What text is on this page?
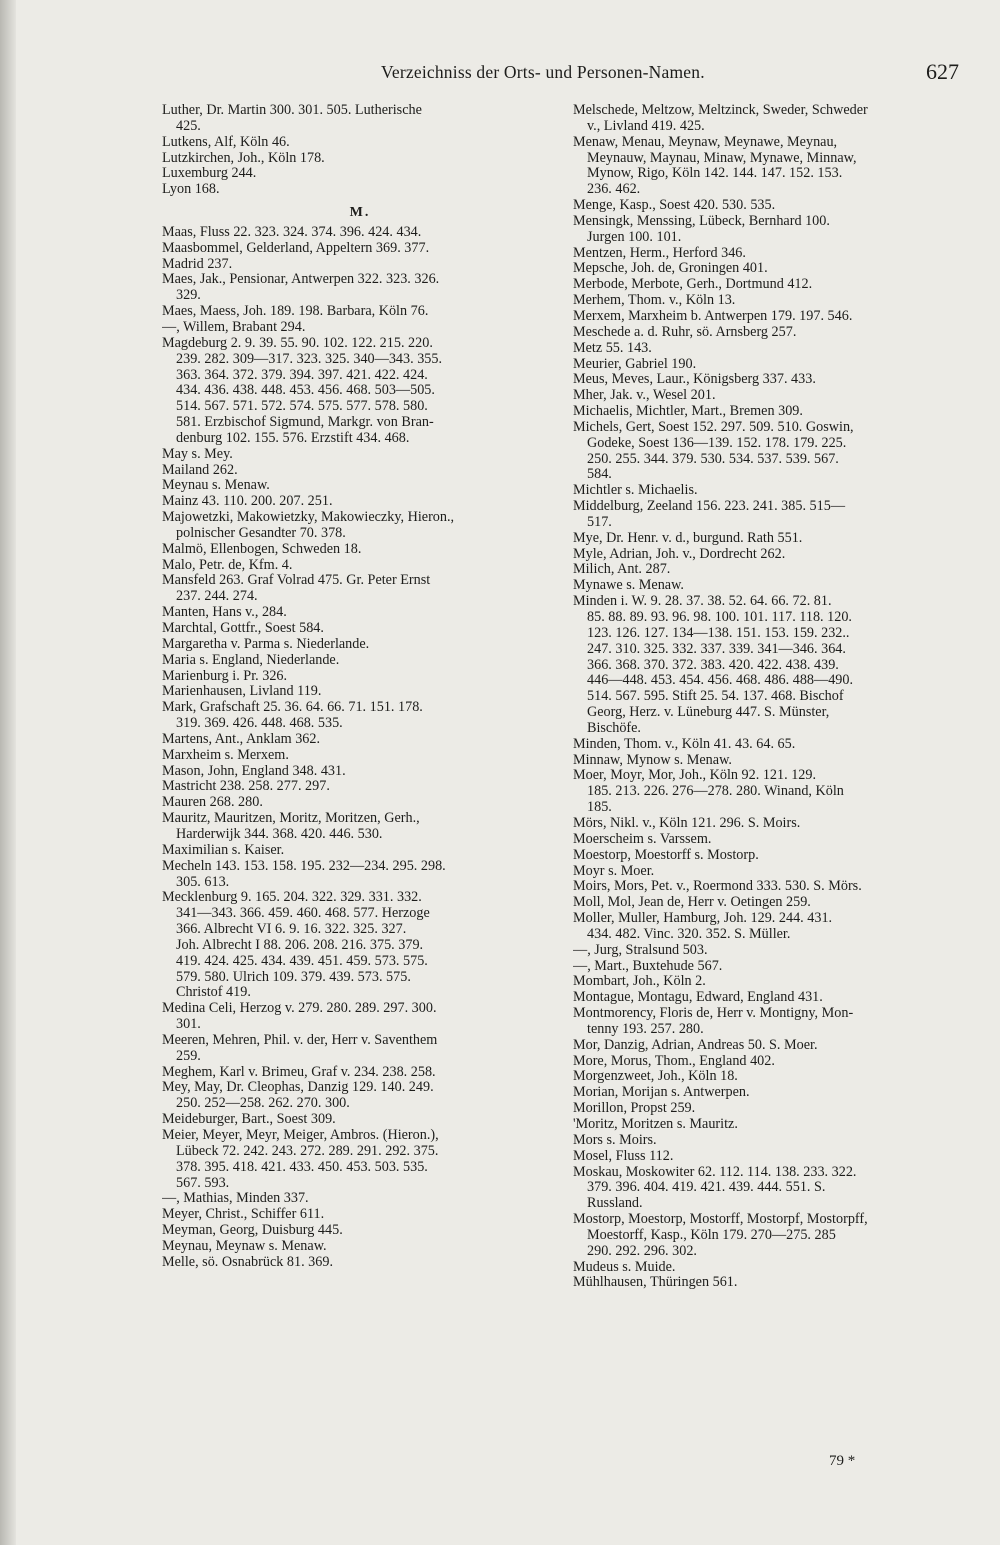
Verzeichniss der Orts- und Personen-Namen.	627
Luther, Dr. Martin 300. 301. 505. Lutherische
425.
Lutkens, Alf, Köln 46.
Lutzkirchen, Joh., Köln 178.
Luxemburg 244.
Lyon 168.
M.
Maas, Fluss 22. 323. 324. 374. 396. 424. 434.
Maasbommel, Gelderland, Appeltern 369. 377.
Madrid 237.
Maes, Jak., Pensionar, Antwerpen 322. 323. 326.
329.
Maes, Maess, Joh. 189. 198. Barbara, Köln 76.
—, Willem, Brabant 294.
Magdeburg 2. 9. 39. 55. 90. 102. 122. 215. 220.
239. 282. 309—317. 323. 325. 340—343. 355.
363. 364. 372. 379. 394. 397. 421. 422. 424.
434. 436. 438. 448. 453. 456. 468. 503—505.
514. 567. 571. 572. 574. 575. 577. 578. 580.
581. Erzbischof Sigmund, Markgr. von Bran-
denburg 102. 155. 576. Erzstift 434. 468.
May s. Mey.
Mailand 262.
Meynau s. Menaw.
Mainz 43. 110. 200. 207. 251.
Majowetzki, Makowietzky, Makowieczky, Hieron.,
polnischer Gesandter 70. 378.
Malmö, Ellenbogen, Schweden 18.
Malo, Petr. de, Kfm. 4.
Mansfeld 263. Graf Volrad 475. Gr. Peter Ernst
237. 244. 274.
Manten, Hans v., 284.
Marchtal, Gottfr., Soest 584.
Margaretha v. Parma s. Niederlande.
Maria s. England, Niederlande.
Marienburg i. Pr. 326.
Marienhausen, Livland 119.
Mark, Grafschaft 25. 36. 64. 66. 71. 151. 178.
319. 369. 426. 448. 468. 535.
Martens, Ant., Anklam 362.
Marxheim s. Merxem.
Mason, John, England 348. 431.
Mastricht 238. 258. 277. 297.
Mauren 268. 280.
Mauritz, Mauritzen, Moritz, Moritzen, Gerh.,
Harderwijk 344. 368. 420. 446. 530.
Maximilian s. Kaiser.
Mecheln 143. 153. 158. 195. 232—234. 295. 298.
305. 613.
Mecklenburg 9. 165. 204. 322. 329. 331. 332.
341—343. 366. 459. 460. 468. 577. Herzoge
366. Albrecht VI 6. 9. 16. 322. 325. 327.
Joh. Albrecht I 88. 206. 208. 216. 375. 379.
419. 424. 425. 434. 439. 451. 459. 573. 575.
579. 580. Ulrich 109. 379. 439. 573. 575.
Christof 419.
Medina Celi, Herzog v. 279. 280. 289. 297. 300.
301.
Meeren, Mehren, Phil. v. der, Herr v. Saventhem
259.
Meghem, Karl v. Brimeu, Graf v. 234. 238. 258.
Mey, May, Dr. Cleophas, Danzig 129. 140. 249.
250. 252—258. 262. 270. 300.
Meideburger, Bart., Soest 309.
Meier, Meyer, Meyr, Meiger, Ambros. (Hieron.),
Lübeck 72. 242. 243. 272. 289. 291. 292. 375.
378. 395. 418. 421. 433. 450. 453. 503. 535.
567. 593.
—, Mathias, Minden 337.
Meyer, Christ., Schiffer 611.
Meyman, Georg, Duisburg 445.
Meynau, Meynaw s. Menaw.
Melle, sö. Osnabrück 81. 369.
Melschede, Meltzow, Meltzinck, Sweder, Schweder
v., Livland 419. 425.
Menaw, Menau, Meynaw, Meynawe, Meynau,
Meynauw, Maynau, Minaw, Mynawe, Minnaw,
Mynow, Rigo, Köln 142. 144. 147. 152. 153.
236. 462.
Menge, Kasp., Soest 420. 530. 535.
Mensingk, Menssing, Lübeck, Bernhard 100.
Jurgen 100. 101.
Mentzen, Herm., Herford 346.
Mepsche, Joh. de, Groningen 401.
Merbode, Merbote, Gerh., Dortmund 412.
Merhem, Thom. v., Köln 13.
Merxem, Marxheim b. Antwerpen 179. 197. 546.
Meschede a. d. Ruhr, sö. Arnsberg 257.
Metz 55. 143.
Meurier, Gabriel 190.
Meus, Meves, Laur., Königsberg 337. 433.
Mher, Jak. v., Wesel 201.
Michaelis, Michtler, Mart., Bremen 309.
Michels, Gert, Soest 152. 297. 509. 510. Goswin,
Godeke, Soest 136—139. 152. 178. 179. 225.
250. 255. 344. 379. 530. 534. 537. 539. 567.
584.
Michtler s. Michaelis.
Middelburg, Zeeland 156. 223. 241. 385. 515—
517.
Mye, Dr. Henr. v. d., burgund. Rath 551.
Myle, Adrian, Joh. v., Dordrecht 262.
Milich, Ant. 287.
Mynawe s. Menaw.
Minden i. W. 9. 28. 37. 38. 52. 64. 66. 72. 81.
85. 88. 89. 93. 96. 98. 100. 101. 117. 118. 120.
123. 126. 127. 134—138. 151. 153. 159. 232..
247. 310. 325. 332. 337. 339. 341—346. 364.
366. 368. 370. 372. 383. 420. 422. 438. 439.
446—448. 453. 454. 456. 468. 486. 488—490.
514. 567. 595. Stift 25. 54. 137. 468. Bischof
Georg, Herz. v. Lüneburg 447. S. Münster,
Bischöfe.
Minden, Thom. v., Köln 41. 43. 64. 65.
Minnaw, Mynow s. Menaw.
Moer, Moyr, Mor, Joh., Köln 92. 121. 129.
185. 213. 226. 276—278. 280. Winand, Köln
185.
Mörs, Nikl. v., Köln 121. 296. S. Moirs.
Moerscheim s. Varssem.
Moestorp, Moestorff s. Mostorp.
Moyr s. Moer.
Moirs, Mors, Pet. v., Roermond 333. 530. S. Mörs.
Moll, Mol, Jean de, Herr v. Oetingen 259.
Moller, Muller, Hamburg, Joh. 129. 244. 431.
434. 482. Vinc. 320. 352. S. Müller.
—, Jurg, Stralsund 503.
—, Mart., Buxtehude 567.
Mombart, Joh., Köln 2.
Montague, Montagu, Edward, England 431.
Montmorency, Floris de, Herr v. Montigny, Mon-
tenny 193. 257. 280.
Mor, Danzig, Adrian, Andreas 50. S. Moer.
More, Morus, Thom., England 402.
Morgenzweet, Joh., Köln 18.
Morian, Morijan s. Antwerpen.
Morillon, Propst 259.
'Moritz, Moritzen s. Mauritz.
Mors s. Moirs.
Mosel, Fluss 112.
Moskau, Moskowiter 62. 112. 114. 138. 233. 322.
379. 396. 404. 419. 421. 439. 444. 551. S.
Russland.
Mostorp, Moestorp, Mostorff, Mostorpf, Mostorpff,
Moestorff, Kasp., Köln 179. 270—275. 285
290. 292. 296. 302.
Mudeus s. Muide.
Mühlhausen, Thüringen 561.
79 *
